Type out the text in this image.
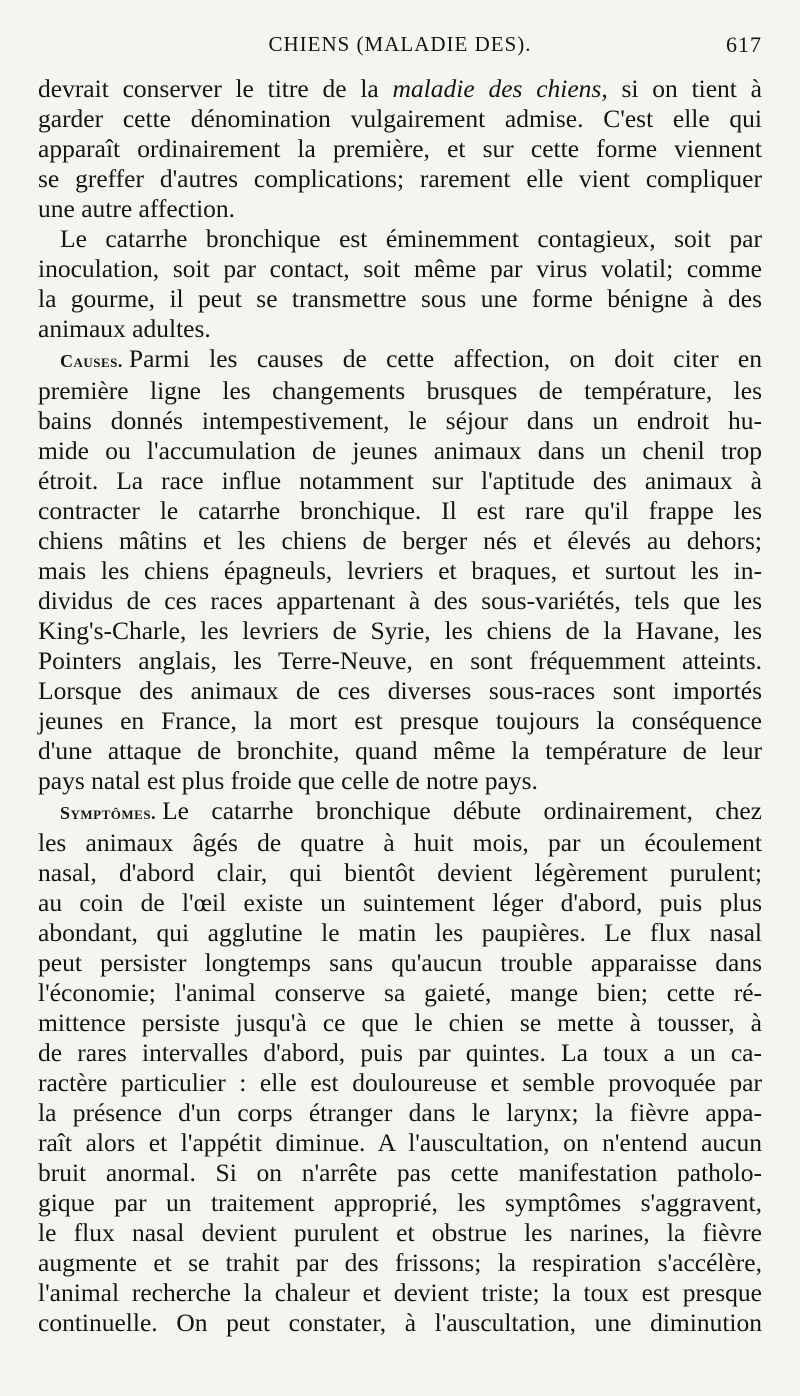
CHIENS (MALADIE DES).	617
devrait conserver le titre de la maladie des chiens, si on tient à
garder cette dénomination vulgairement admise. C'est elle qui
apparaît ordinairement la première, et sur cette forme viennent
se greffer d'autres complications; rarement elle vient compliquer
une autre affection.
Le catarrhe bronchique est éminemment contagieux, soit par
inoculation, soit par contact, soit même par virus volatil; comme
la gourme, il peut se transmettre sous une forme bénigne à des
animaux adultes.
Causes. Parmi les causes de cette affection, on doit citer en
première ligne les changements brusques de température, les
bains donnés intempestivement, le séjour dans un endroit hu-
mide ou l'accumulation de jeunes animaux dans un chenil trop
étroit. La race influe notamment sur l'aptitude des animaux à
contracter le catarrhe bronchique. Il est rare qu'il frappe les
chiens mâtins et les chiens de berger nés et élevés au dehors;
mais les chiens épagneuls, levriers et braques, et surtout les in-
dividus de ces races appartenant à des sous-variétés, tels que les
King's-Charle, les levriers de Syrie, les chiens de la Havane, les
Pointers anglais, les Terre-Neuve, en sont fréquemment atteints.
Lorsque des animaux de ces diverses sous-races sont importés
jeunes en France, la mort est presque toujours la conséquence
d'une attaque de bronchite, quand même la température de leur
pays natal est plus froide que celle de notre pays.
Symptômes. Le catarrhe bronchique débute ordinairement, chez
les animaux âgés de quatre à huit mois, par un écoulement
nasal, d'abord clair, qui bientôt devient légèrement purulent;
au coin de l'œil existe un suintement léger d'abord, puis plus
abondant, qui agglutine le matin les paupières. Le flux nasal
peut persister longtemps sans qu'aucun trouble apparaisse dans
l'économie; l'animal conserve sa gaieté, mange bien; cette ré-
mittence persiste jusqu'à ce que le chien se mette à tousser, à
de rares intervalles d'abord, puis par quintes. La toux a un ca-
ractère particulier : elle est douloureuse et semble provoquée par
la présence d'un corps étranger dans le larynx; la fièvre appa-
raît alors et l'appétit diminue. A l'auscultation, on n'entend aucun
bruit anormal. Si on n'arrête pas cette manifestation patholo-
gique par un traitement approprié, les symptômes s'aggravent,
le flux nasal devient purulent et obstrue les narines, la fièvre
augmente et se trahit par des frissons; la respiration s'accélère,
l'animal recherche la chaleur et devient triste; la toux est presque
continuelle. On peut constater, à l'auscultation, une diminution
